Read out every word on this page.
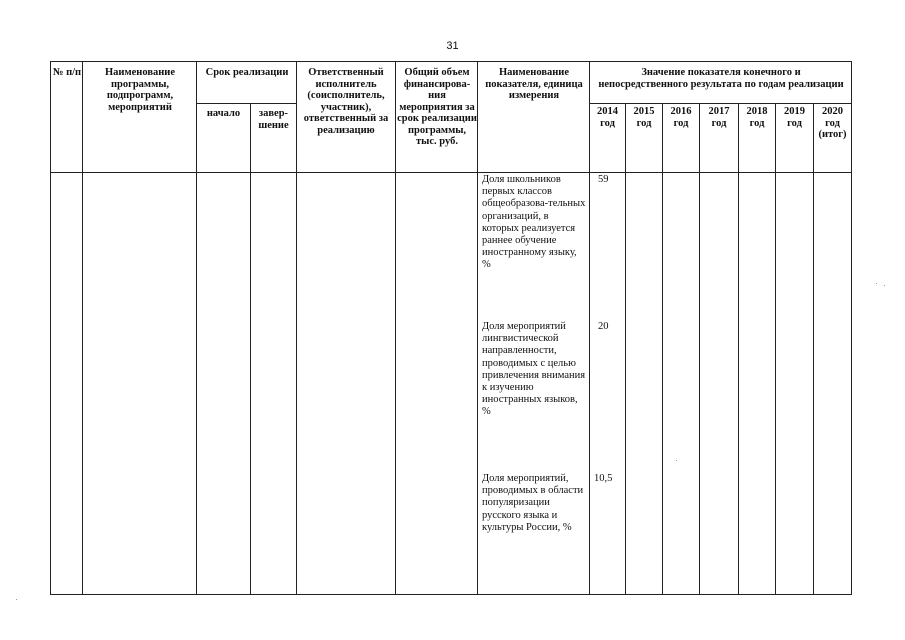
31
№ п/п	Наименование программы, подпрограмм, мероприятий
Срок реализации
начало	завер-шение
Ответственный исполнитель (соисполнитель, участник), ответственный за реализацию
Общий объем финансирова-ния мероприятия за срок реализации программы, тыс. руб.
Наименование показателя, единица измерения
Значение показателя конечного и непосредственного результата по годам реализации
2014 год
2015 год
2016 год
2017 год
2018 год
2019 год
2020 год (итог)
Доля школьников первых классов общеобразова-тельных организаций, в которых реализуется раннее обучение иностранному языку, %
Доля мероприятий лингвистической направленности, проводимых с целью привлечения внимания к изучению иностранных языков, %
Доля мероприятий, проводимых в области популяризации русского языка и культуры России, %
59
20
10,5
